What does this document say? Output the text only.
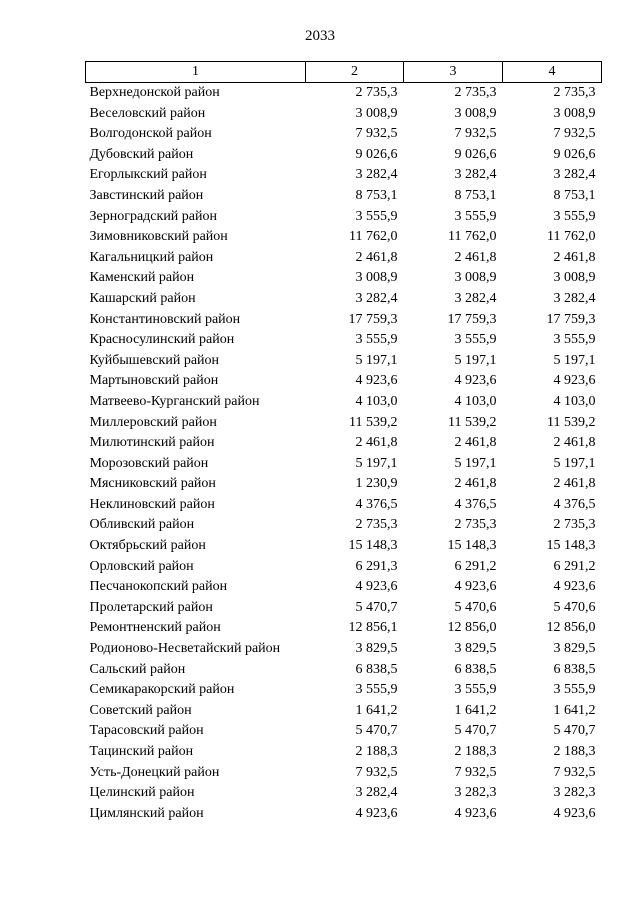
2033
1	2	3	4
Верхнедонской район	2 735,3	2 735,3	2 735,3
Веселовский район	3 008,9	3 008,9	3 008,9
Волгодонской район	7 932,5	7 932,5	7 932,5
Дубовский район	9 026,6	9 026,6	9 026,6
Егорлыкский район	3 282,4	3 282,4	3 282,4
Завстинский район	8 753,1	8 753,1	8 753,1
Зерноградский район	3 555,9	3 555,9	3 555,9
Зимовниковский район	11 762,0	11 762,0	11 762,0
Кагальницкий район	2 461,8	2 461,8	2 461,8
Каменский район	3 008,9	3 008,9	3 008,9
Кашарский район	3 282,4	3 282,4	3 282,4
Константиновский район	17 759,3	17 759,3	17 759,3
Красносулинский район	3 555,9	3 555,9	3 555,9
Куйбышевский район	5 197,1	5 197,1	5 197,1
Мартыновский район	4 923,6	4 923,6	4 923,6
Матвеево-Курганский район	4 103,0	4 103,0	4 103,0
Миллеровский район	11 539,2	11 539,2	11 539,2
Милютинский район	2 461,8	2 461,8	2 461,8
Морозовский район	5 197,1	5 197,1	5 197,1
Мясниковский район	1 230,9	2 461,8	2 461,8
Неклиновский район	4 376,5	4 376,5	4 376,5
Обливский район	2 735,3	2 735,3	2 735,3
Октябрьский район	15 148,3	15 148,3	15 148,3
Орловский район	6 291,3	6 291,2	6 291,2
Песчанокопский район	4 923,6	4 923,6	4 923,6
Пролетарский район	5 470,7	5 470,6	5 470,6
Ремонтненский район	12 856,1	12 856,0	12 856,0
Родионово-Несветайский район	3 829,5	3 829,5	3 829,5
Сальский район	6 838,5	6 838,5	6 838,5
Семикаракорский район	3 555,9	3 555,9	3 555,9
Советский район	1 641,2	1 641,2	1 641,2
Тарасовский район	5 470,7	5 470,7	5 470,7
Тацинский район	2 188,3	2 188,3	2 188,3
Усть-Донецкий район	7 932,5	7 932,5	7 932,5
Целинский район	3 282,4	3 282,3	3 282,3
Цимлянский район	4 923,6	4 923,6	4 923,6
